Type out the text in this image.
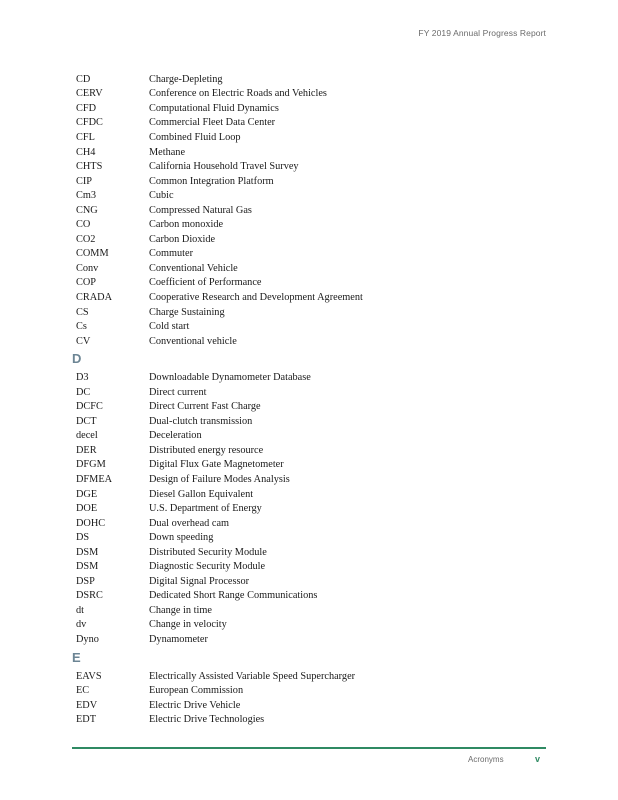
FY 2019 Annual Progress Report
CD	Charge-Depleting
CERV	Conference on Electric Roads and Vehicles
CFD	Computational Fluid Dynamics
CFDC	Commercial Fleet Data Center
CFL	Combined Fluid Loop
CH4	Methane
CHTS	California Household Travel Survey
CIP	Common Integration Platform
Cm3	Cubic
CNG	Compressed Natural Gas
CO	Carbon monoxide
CO2	Carbon Dioxide
COMM	Commuter
Conv	Conventional Vehicle
COP	Coefficient of Performance
CRADA	Cooperative Research and Development Agreement
CS	Charge Sustaining
Cs	Cold start
CV	Conventional vehicle
D
D3	Downloadable Dynamometer Database
DC	Direct current
DCFC	Direct Current Fast Charge
DCT	Dual-clutch transmission
decel	Deceleration
DER	Distributed energy resource
DFGM	Digital Flux Gate Magnetometer
DFMEA	Design of Failure Modes Analysis
DGE	Diesel Gallon Equivalent
DOE	U.S. Department of Energy
DOHC	Dual overhead cam
DS	Down speeding
DSM	Distributed Security Module
DSM	Diagnostic Security Module
DSP	Digital Signal Processor
DSRC	Dedicated Short Range Communications
dt	Change in time
dv	Change in velocity
Dyno	Dynamometer
E
EAVS	Electrically Assisted Variable Speed Supercharger
EC	European Commission
EDV	Electric Drive Vehicle
EDT	Electric Drive Technologies
Acronyms	v
